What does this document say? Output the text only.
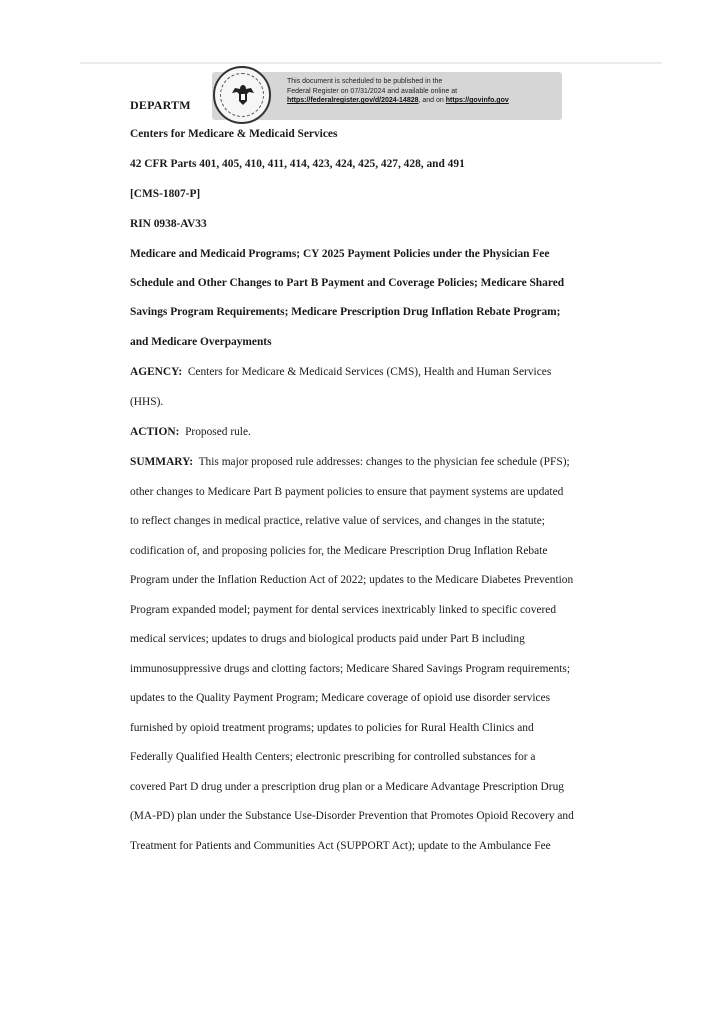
This document is scheduled to be published in the
Federal Register on 07/31/2024 and available online at
https://federalregister.gov/d/2024-14828, and on https://govinfo.gov
DEPARTM
Centers for Medicare & Medicaid Services
42 CFR Parts 401, 405, 410, 411, 414, 423, 424, 425, 427, 428, and 491
[CMS-1807-P]
RIN 0938-AV33
Medicare and Medicaid Programs; CY 2025 Payment Policies under the Physician Fee
Schedule and Other Changes to Part B Payment and Coverage Policies; Medicare Shared
Savings Program Requirements; Medicare Prescription Drug Inflation Rebate Program;
and Medicare Overpayments
AGENCY: Centers for Medicare & Medicaid Services (CMS), Health and Human Services
(HHS).
ACTION: Proposed rule.
SUMMARY: This major proposed rule addresses: changes to the physician fee schedule (PFS);
other changes to Medicare Part B payment policies to ensure that payment systems are updated
to reflect changes in medical practice, relative value of services, and changes in the statute;
codification of, and proposing policies for, the Medicare Prescription Drug Inflation Rebate
Program under the Inflation Reduction Act of 2022; updates to the Medicare Diabetes Prevention
Program expanded model; payment for dental services inextricably linked to specific covered
medical services; updates to drugs and biological products paid under Part B including
immunosuppressive drugs and clotting factors; Medicare Shared Savings Program requirements;
updates to the Quality Payment Program; Medicare coverage of opioid use disorder services
furnished by opioid treatment programs; updates to policies for Rural Health Clinics and
Federally Qualified Health Centers; electronic prescribing for controlled substances for a
covered Part D drug under a prescription drug plan or a Medicare Advantage Prescription Drug
(MA-PD) plan under the Substance Use-Disorder Prevention that Promotes Opioid Recovery and
Treatment for Patients and Communities Act (SUPPORT Act); update to the Ambulance Fee
